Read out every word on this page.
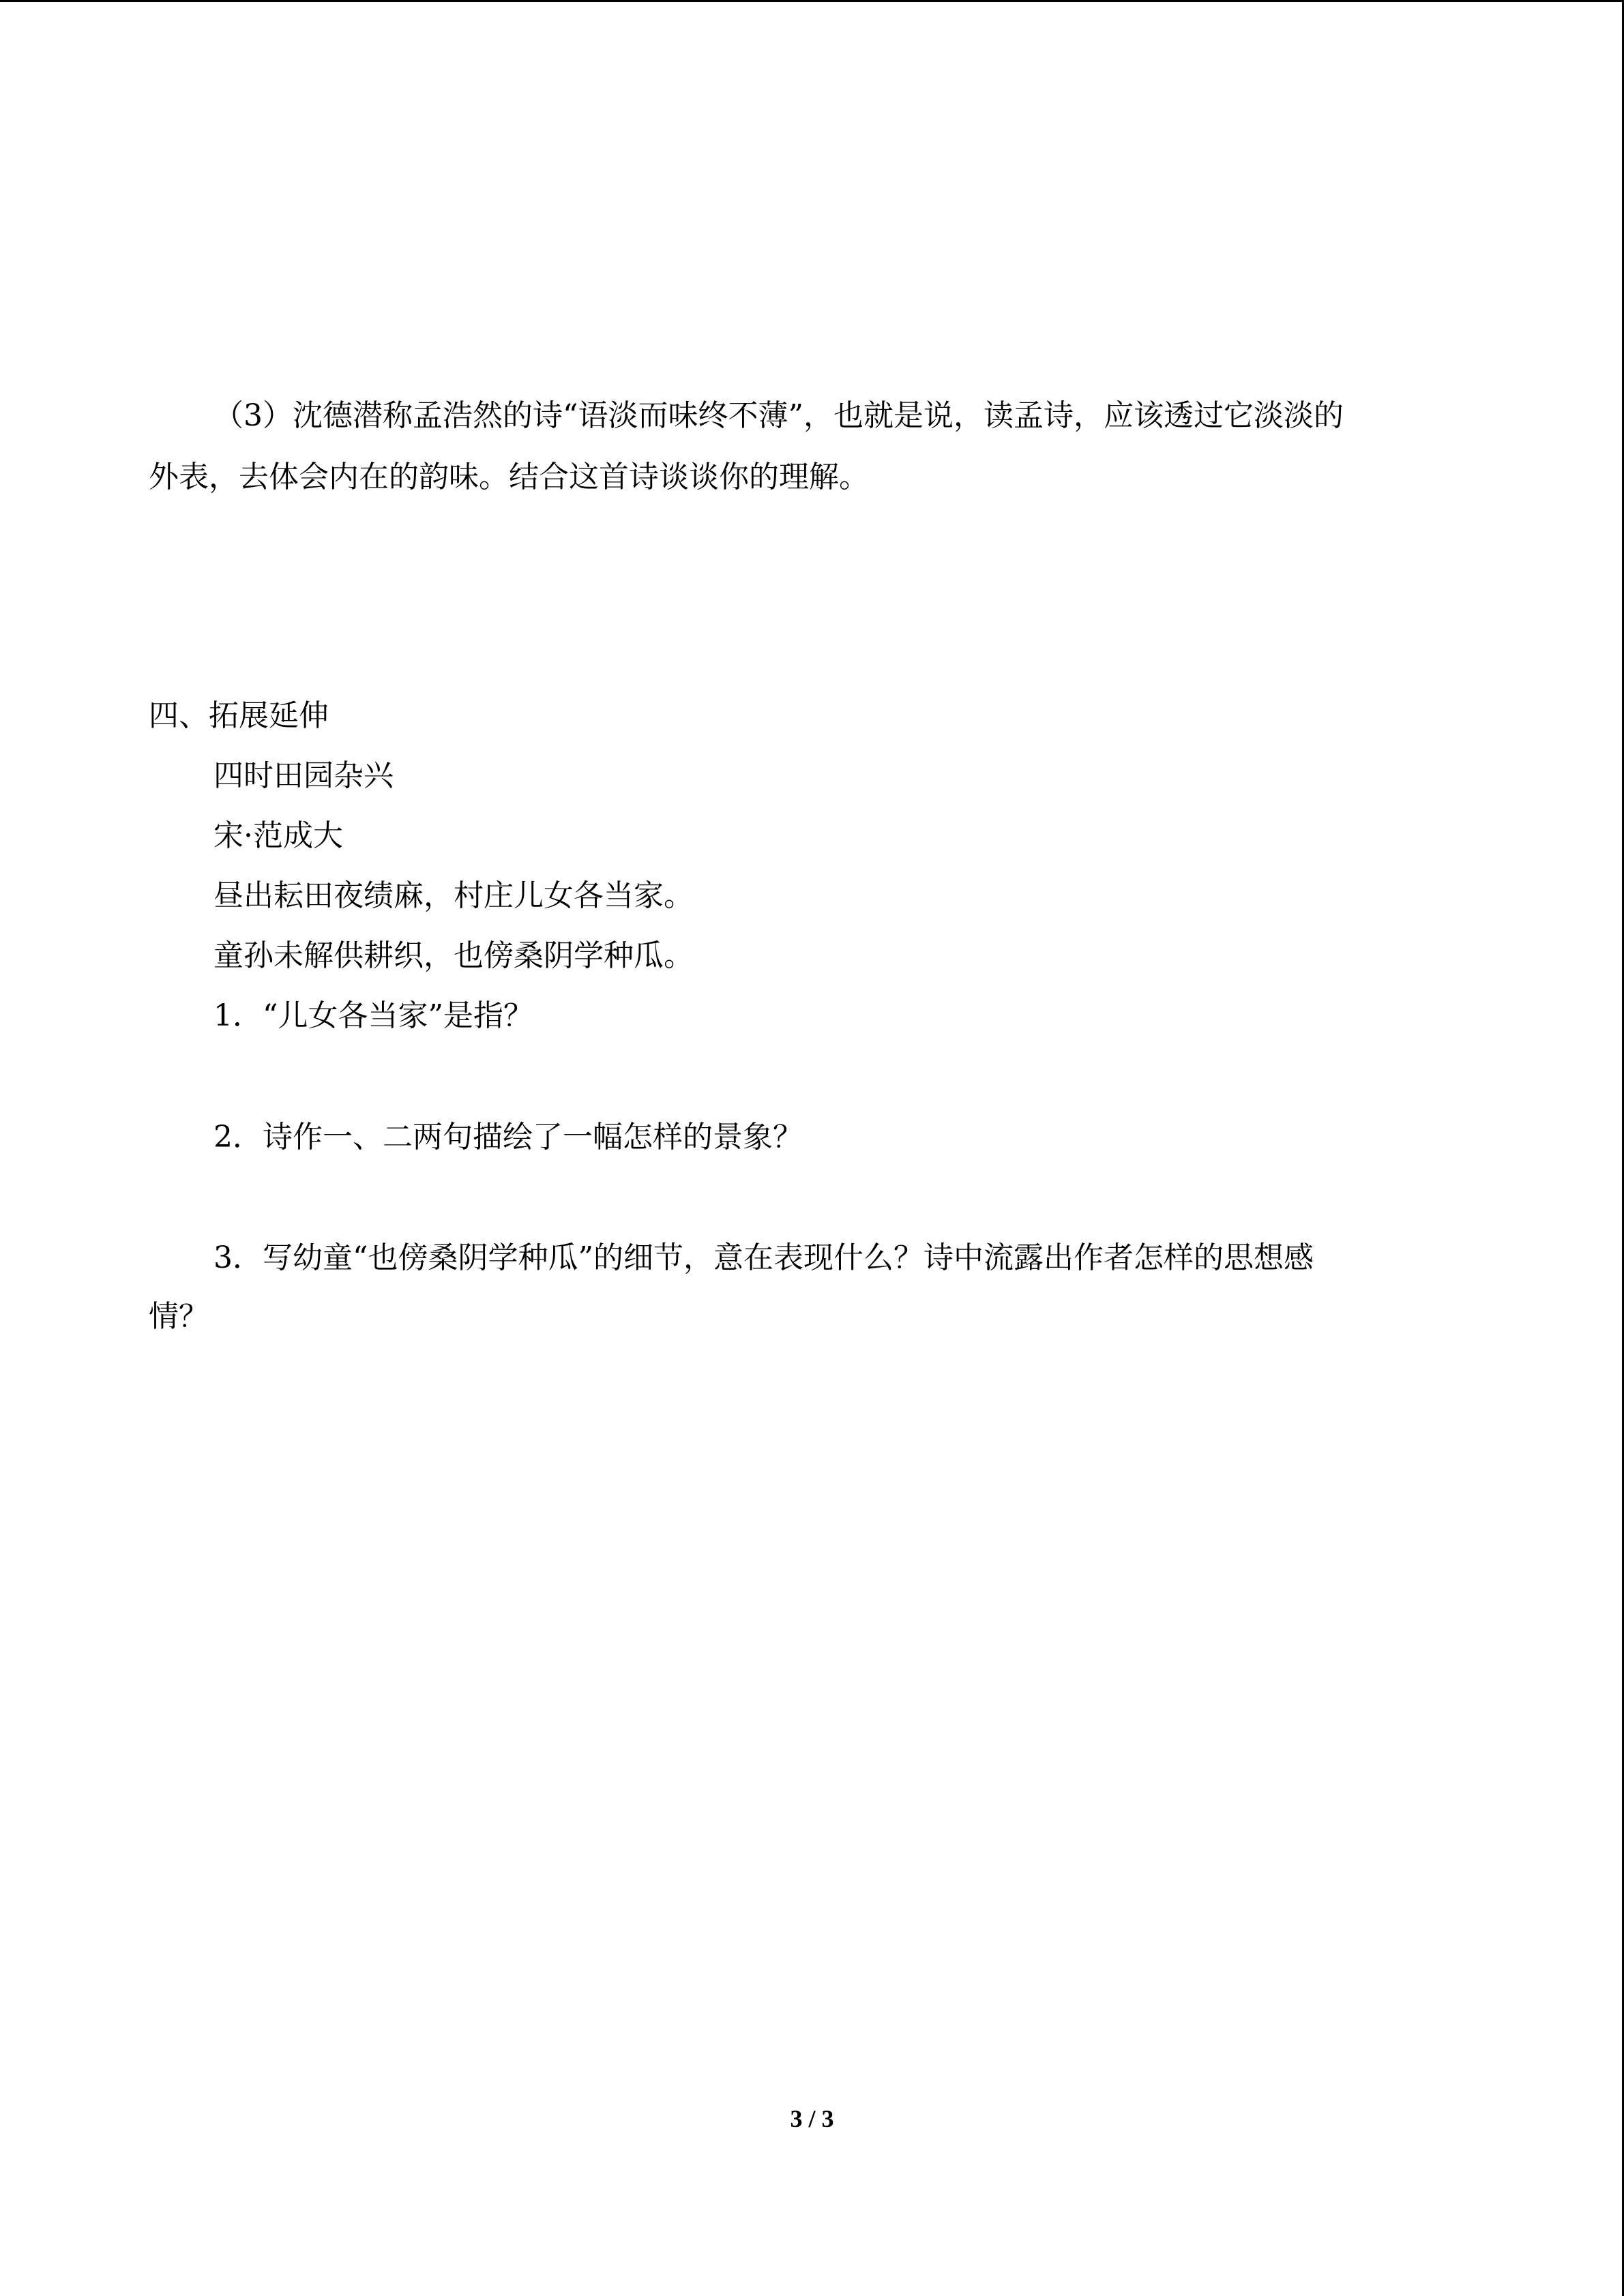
（3）沈德潜称孟浩然的诗“语淡而味终不薄”，也就是说，读孟诗，应该透过它淡淡的

外表，去体会内在的韵味。结合这首诗谈谈你的理解。

四、拓展延伸

四时田园杂兴

宋·范成大

昼出耘田夜绩麻，村庄儿女各当家。

童孙未解供耕织，也傍桑阴学种瓜。

1．“儿女各当家”是指？

2．诗作一、二两句描绘了一幅怎样的景象？

3．写幼童“也傍桑阴学种瓜”的细节，意在表现什么？诗中流露出作者怎样的思想感

情？

3 / 3
